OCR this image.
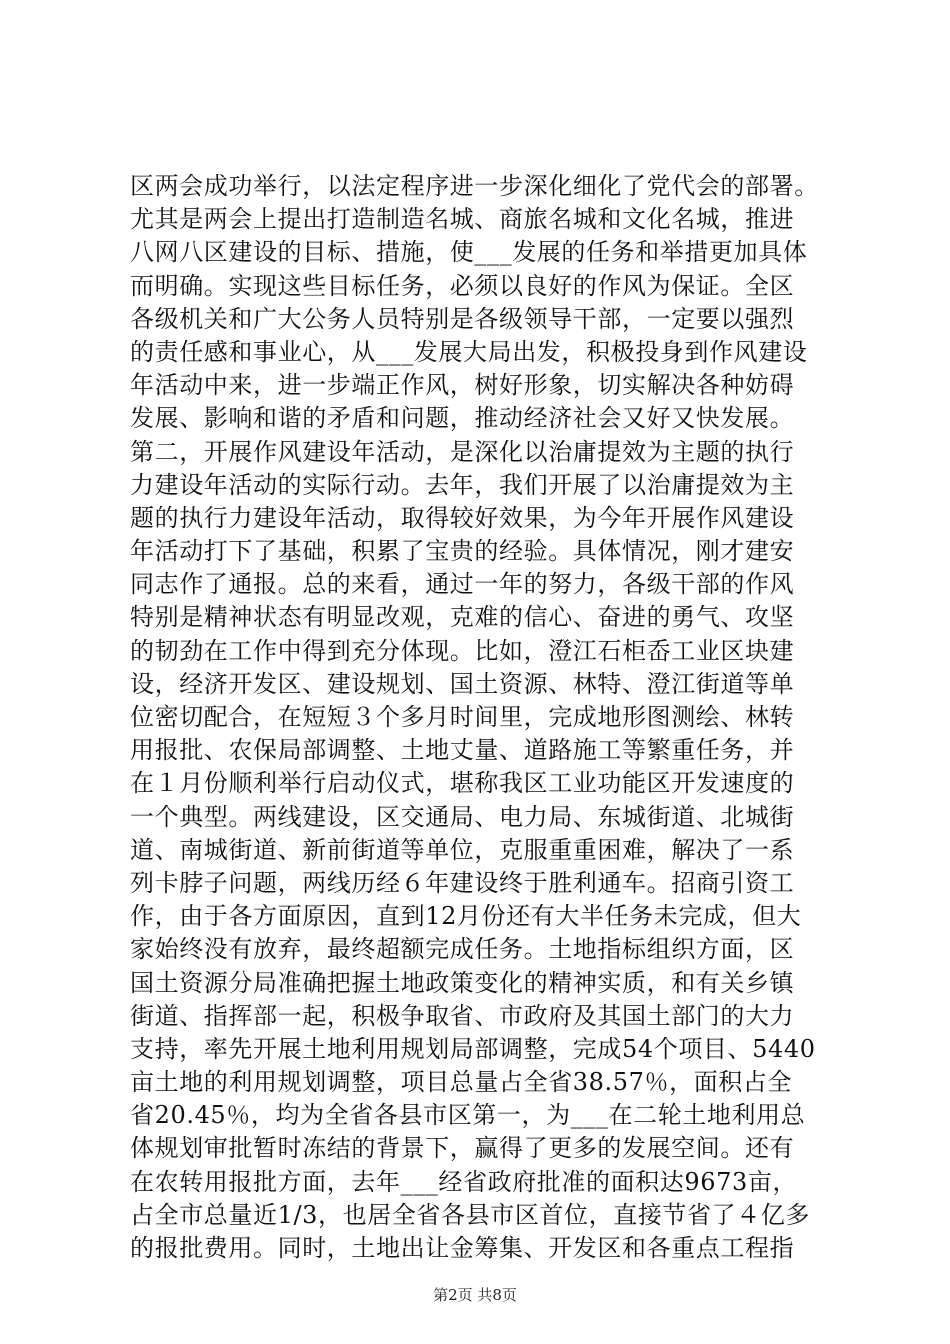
区两会成功举行，以法定程序进一步深化细化了党代会的部署。
尤其是两会上提出打造制造名城、商旅名城和文化名城，推进
八网八区建设的目标、措施，使___发展的任务和举措更加具体
而明确。实现这些目标任务，必须以良好的作风为保证。全区
各级机关和广大公务人员特别是各级领导干部，一定要以强烈
的责任感和事业心，从___发展大局出发，积极投身到作风建设
年活动中来，进一步端正作风，树好形象，切实解决各种妨碍
发展、影响和谐的矛盾和问题，推动经济社会又好又快发展。
第二，开展作风建设年活动，是深化以治庸提效为主题的执行
力建设年活动的实际行动。去年，我们开展了以治庸提效为主
题的执行力建设年活动，取得较好效果，为今年开展作风建设
年活动打下了基础，积累了宝贵的经验。具体情况，刚才建安
同志作了通报。总的来看，通过一年的努力，各级干部的作风
特别是精神状态有明显改观，克难的信心、奋进的勇气、攻坚
的韧劲在工作中得到充分体现。比如，澄江石柜岙工业区块建
设，经济开发区、建设规划、国土资源、林特、澄江街道等单
位密切配合，在短短３个多月时间里，完成地形图测绘、林转
用报批、农保局部调整、土地丈量、道路施工等繁重任务，并
在１月份顺利举行启动仪式，堪称我区工业功能区开发速度的
一个典型。两线建设，区交通局、电力局、东城街道、北城街
道、南城街道、新前街道等单位，克服重重困难，解决了一系
列卡脖子问题，两线历经６年建设终于胜利通车。招商引资工
作，由于各方面原因，直到12月份还有大半任务未完成，但大
家始终没有放弃，最终超额完成任务。土地指标组织方面，区
国土资源分局准确把握土地政策变化的精神实质，和有关乡镇
街道、指挥部一起，积极争取省、市政府及其国土部门的大力
支持，率先开展土地利用规划局部调整，完成54个项目、5440
亩土地的利用规划调整，项目总量占全省38.57％，面积占全
省20.45％，均为全省各县市区第一，为___在二轮土地利用总
体规划审批暂时冻结的背景下，赢得了更多的发展空间。还有
在农转用报批方面，去年___经省政府批准的面积达9673亩，
占全市总量近1/3，也居全省各县市区首位，直接节省了４亿多
的报批费用。同时，土地出让金筹集、开发区和各重点工程指
第2页 共8页
